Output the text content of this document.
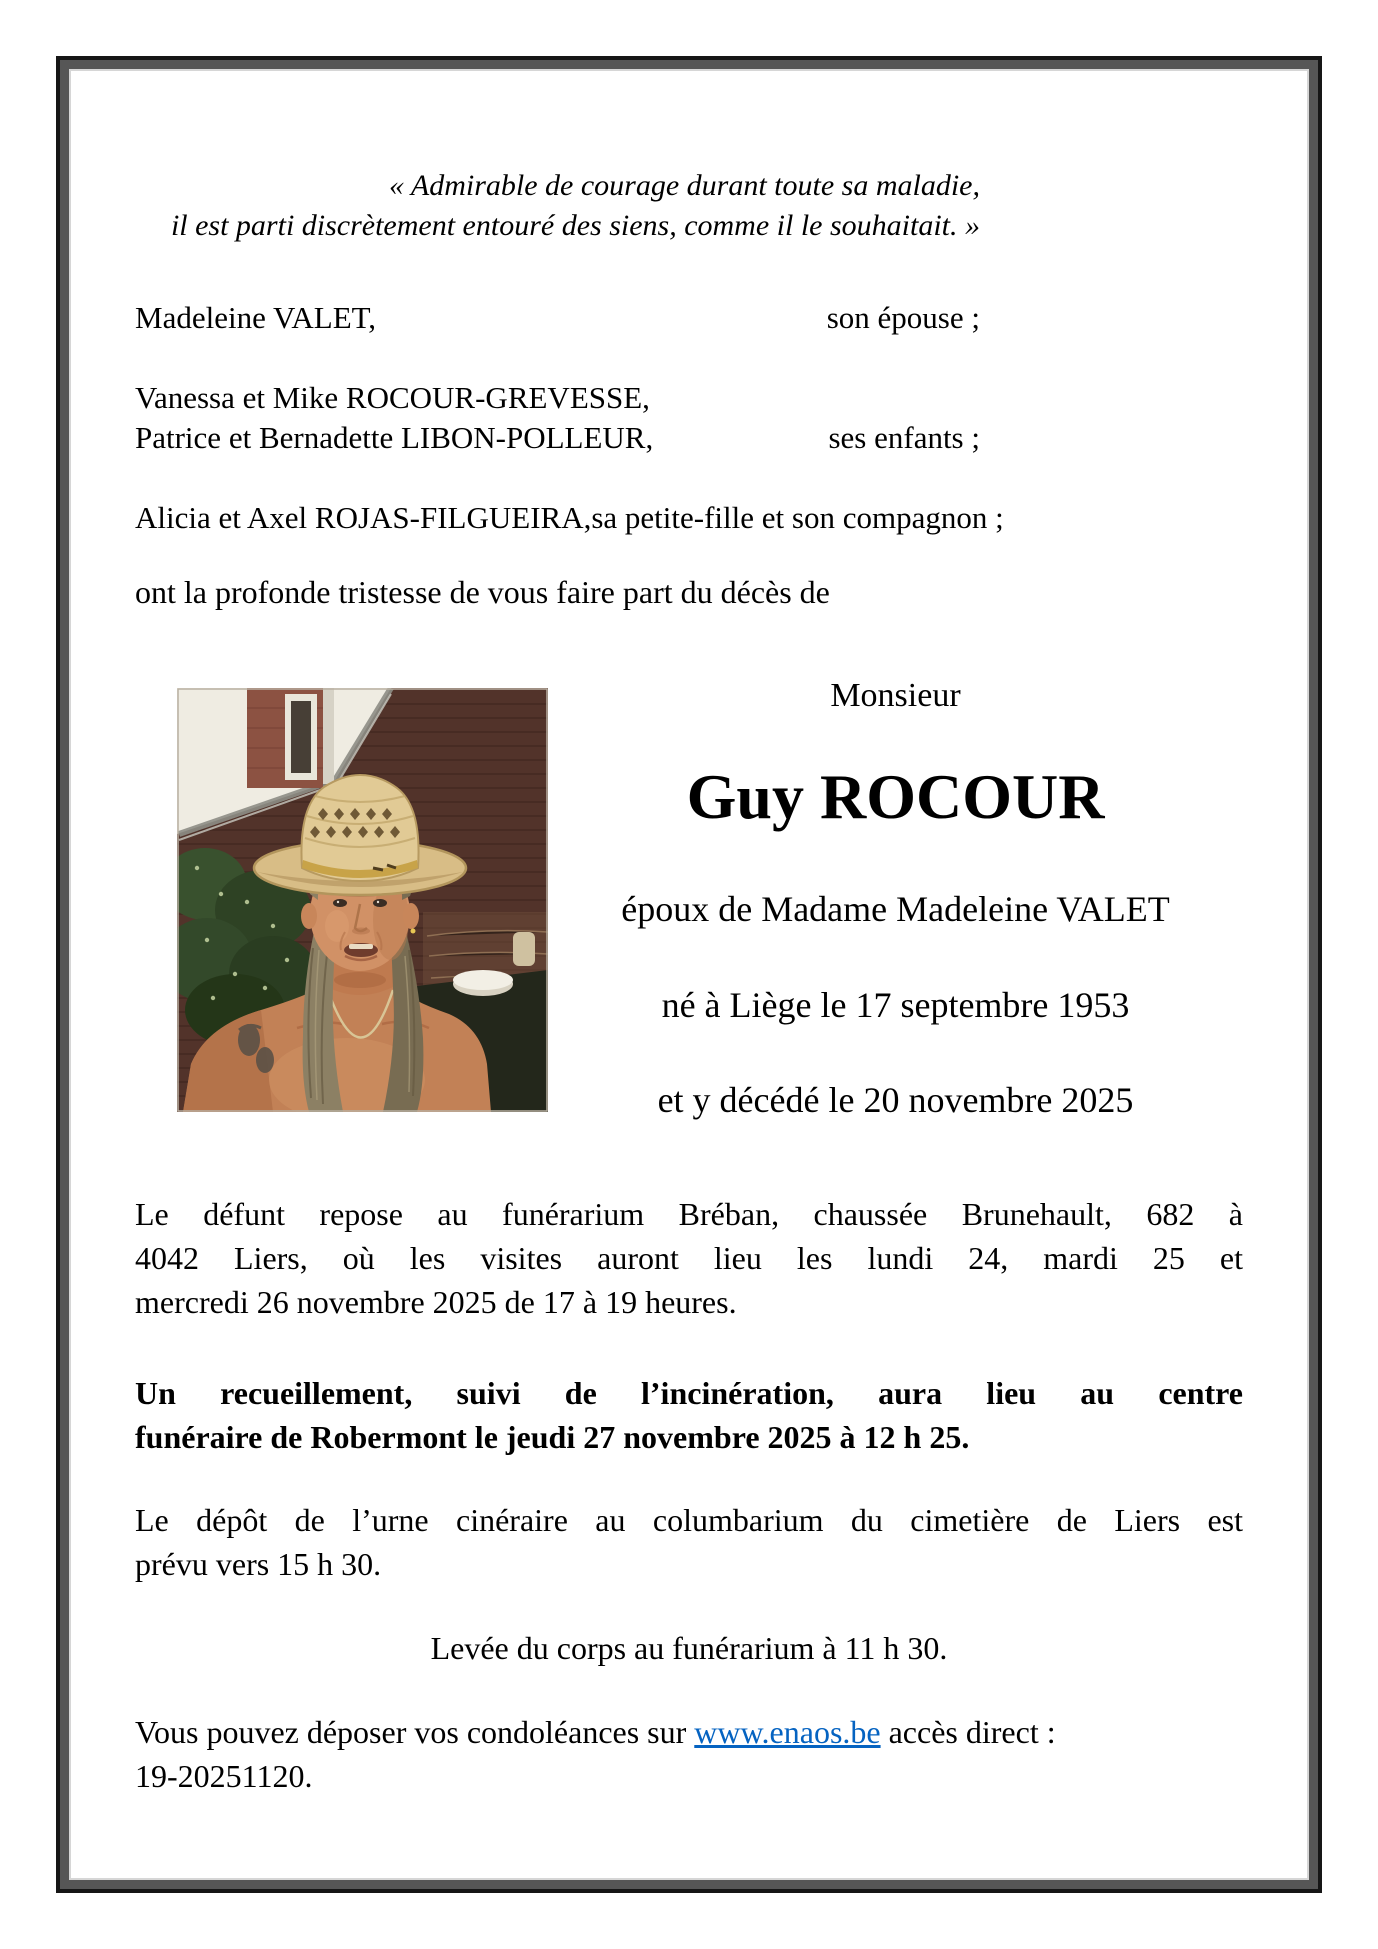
« Admirable de courage durant toute sa maladie,
il est parti discrètement entouré des siens, comme il le souhaitait. »
Madeleine VALET,	son épouse ;
Vanessa et Mike ROCOUR-GREVESSE,
Patrice et Bernadette LIBON-POLLEUR,	ses enfants ;
Alicia et Axel ROJAS-FILGUEIRA, sa petite-fille et son compagnon ;
ont la profonde tristesse de vous faire part du décès de
Monsieur
Guy ROCOUR
époux de Madame Madeleine VALET
né à Liège le 17 septembre 1953
et y décédé le 20 novembre 2025
Le défunt repose au funérarium Bréban, chaussée Brunehault, 682 à
4042 Liers, où les visites auront lieu les lundi 24, mardi 25 et
mercredi 26 novembre 2025 de 17 à 19 heures.
Un recueillement, suivi de l’incinération, aura lieu au centre
funéraire de Robermont le jeudi 27 novembre 2025 à 12 h 25.
Le dépôt de l’urne cinéraire au columbarium du cimetière de Liers est
prévu vers 15 h 30.
Levée du corps au funérarium à 11 h 30.
Vous pouvez déposer vos condoléances sur www.enaos.be accès direct :
19-20251120.
